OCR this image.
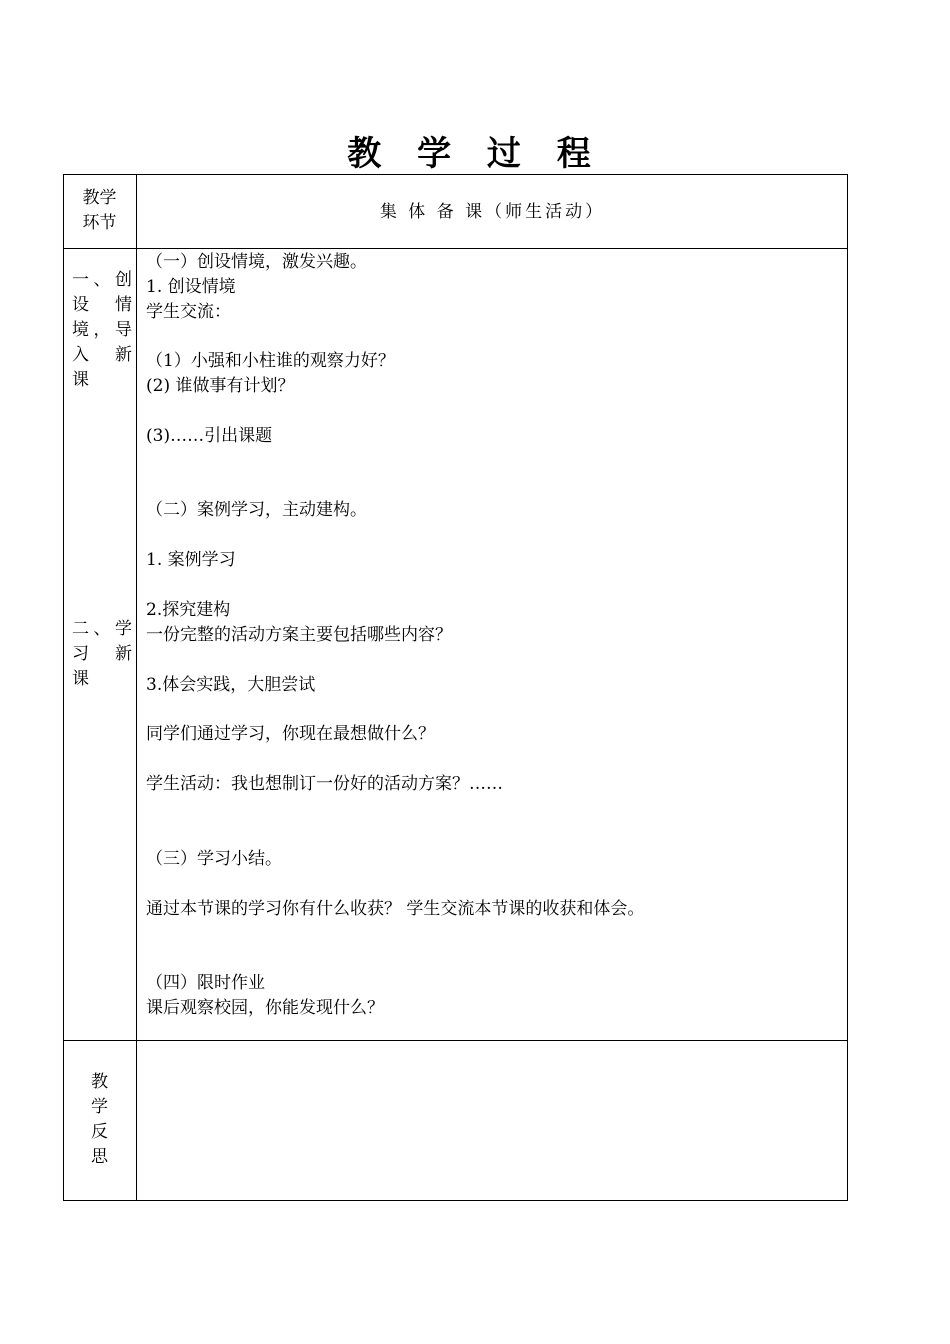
教 学 过 程
教学
环节
集 体 备 课（师生活动）
一、创
设 情
境，导
入 新
课
二、学
习 新
课
（一）创设情境，激发兴趣。
1. 创设情境
学生交流：
（1）小强和小柱谁的观察力好？
(2) 谁做事有计划？
(3)……引出课题
（二）案例学习，主动建构。
1. 案例学习
2.探究建构
一份完整的活动方案主要包括哪些内容？
3.体会实践，大胆尝试
同学们通过学习，你现在最想做什么？
学生活动：我也想制订一份好的活动方案？……
（三）学习小结。
通过本节课的学习你有什么收获？ 学生交流本节课的收获和体会。
（四）限时作业
课后观察校园，你能发现什么？
教
学
反
思
